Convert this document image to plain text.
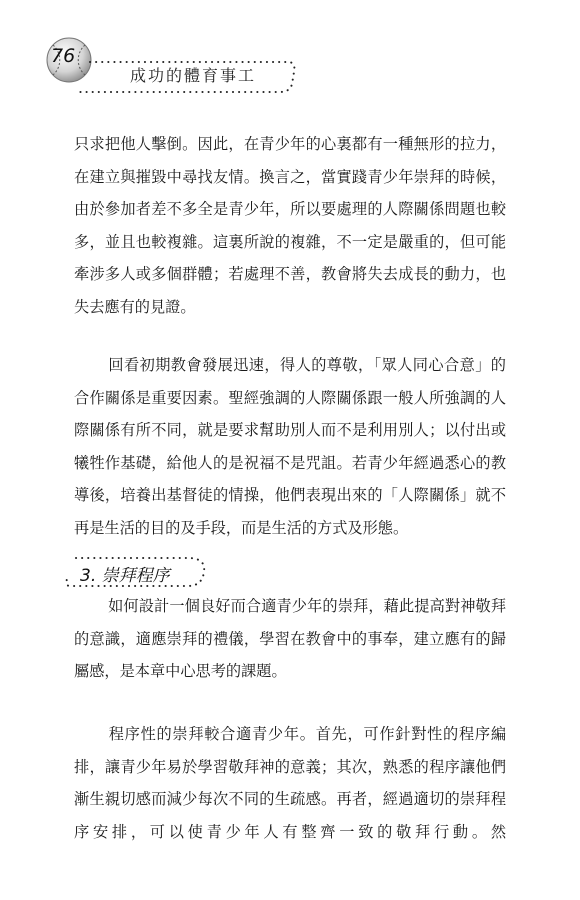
76
成功的體育事工

只求把他人擊倒。因此，在青少年的心裏都有一種無形的拉力，在建立與摧毀中尋找友情。換言之，當實踐青少年崇拜的時候，由於參加者差不多全是青少年，所以要處理的人際關係問題也較多，並且也較複雜。這裏所說的複雜，不一定是嚴重的，但可能牽涉多人或多個群體；若處理不善，教會將失去成長的動力，也失去應有的見證。

回看初期教會發展迅速，得人的尊敬，「眾人同心合意」的合作關係是重要因素。聖經強調的人際關係跟一般人所強調的人際關係有所不同，就是要求幫助別人而不是利用別人；以付出或犧牲作基礎，給他人的是祝福不是咒詛。若青少年經過悉心的教導後，培養出基督徒的情操，他們表現出來的「人際關係」就不再是生活的目的及手段，而是生活的方式及形態。

3. 崇拜程序

如何設計一個良好而合適青少年的崇拜，藉此提高對神敬拜的意識，適應崇拜的禮儀，學習在教會中的事奉，建立應有的歸屬感，是本章中心思考的課題。

程序性的崇拜較合適青少年。首先，可作針對性的程序編排，讓青少年易於學習敬拜神的意義；其次，熟悉的程序讓他們漸生親切感而減少每次不同的生疏感。再者，經過適切的崇拜程序安排，可以使青少年人有整齊一致的敬拜行動。然
